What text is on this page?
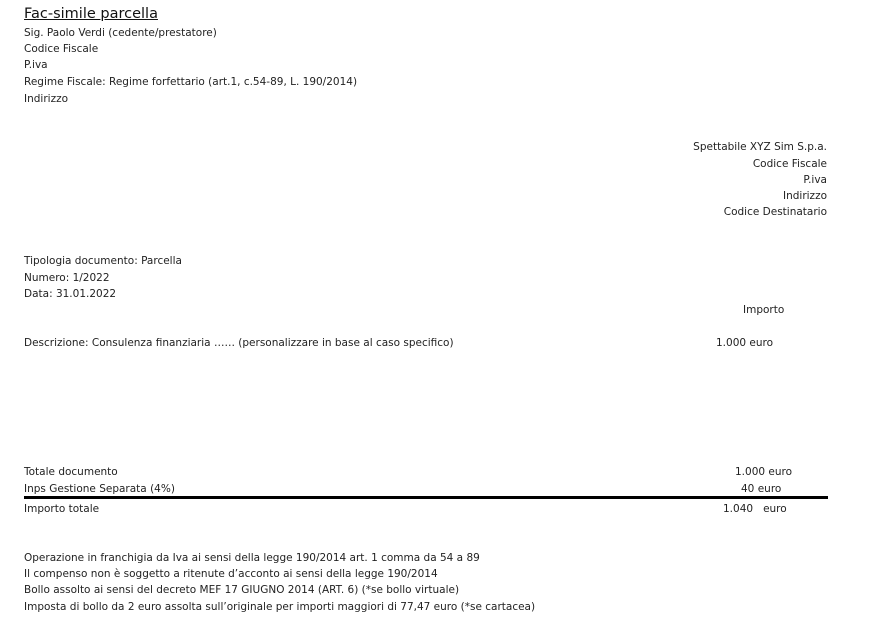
Fac-simile parcella
Sig. Paolo Verdi (cedente/prestatore)
Codice Fiscale
P.iva
Regime Fiscale: Regime forfettario (art.1, c.54-89, L. 190/2014)
Indirizzo
Spettabile XYZ Sim S.p.a.
Codice Fiscale
P.iva
Indirizzo
Codice Destinatario
Tipologia documento: Parcella
Numero: 1/2022
Data: 31.01.2022
Importo
Descrizione: Consulenza finanziaria …… (personalizzare in base al caso specifico)	1.000 euro
Totale documento	1.000 euro
Inps Gestione Separata (4%)	40 euro
Importo totale	1.040   euro
Operazione in franchigia da Iva ai sensi della legge 190/2014 art. 1 comma da 54 a 89
Il compenso non è soggetto a ritenute d’acconto ai sensi della legge 190/2014
Bollo assolto ai sensi del decreto MEF 17 GIUGNO 2014 (ART. 6) (*se bollo virtuale)
Imposta di bollo da 2 euro assolta sull’originale per importi maggiori di 77,47 euro (*se cartacea)
